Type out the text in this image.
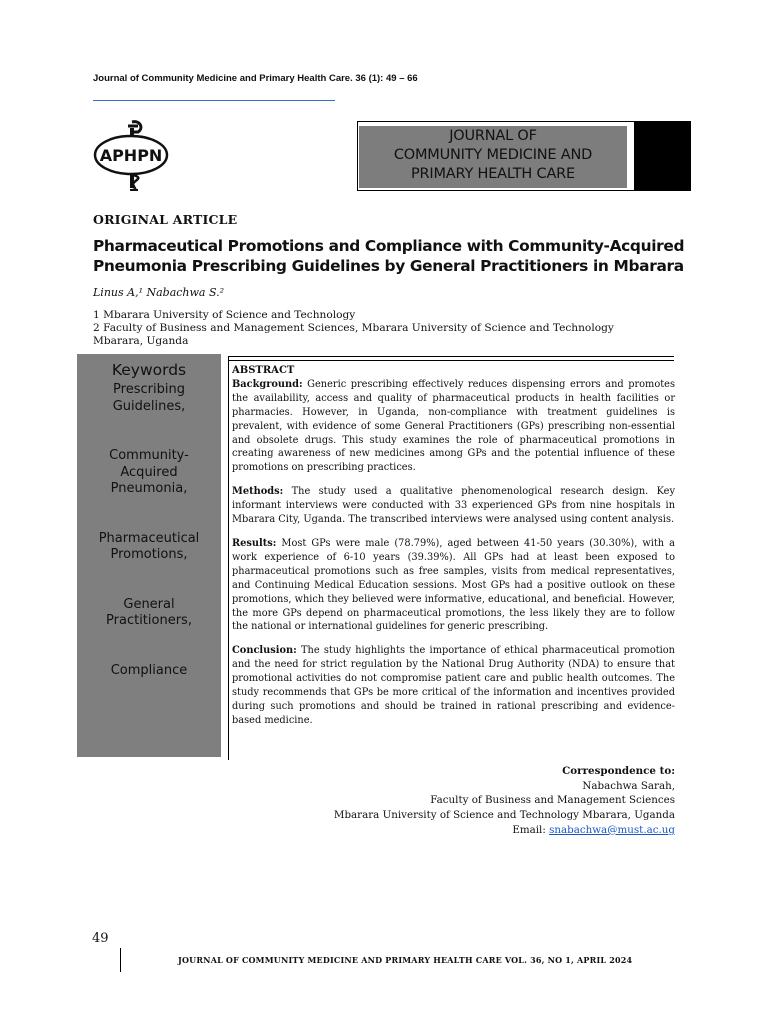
Journal of Community Medicine and Primary Health Care. 36 (1): 49 – 66
APHPN
JOURNAL OF
COMMUNITY MEDICINE AND
PRIMARY HEALTH CARE
ORIGINAL ARTICLE
Pharmaceutical Promotions and Compliance with Community-Acquired
Pneumonia Prescribing Guidelines by General Practitioners in Mbarara
Linus A,¹ Nabachwa S.²
1 Mbarara University of Science and Technology
2 Faculty of Business and Management Sciences, Mbarara University of Science and Technology
Mbarara, Uganda
Keywords
Prescribing
Guidelines,
Community-
Acquired
Pneumonia,
Pharmaceutical
Promotions,
General
Practitioners,
Compliance
ABSTRACT

Background: Generic prescribing effectively reduces dispensing errors and promotes the availability, access and quality of pharmaceutical products in health facilities or pharmacies. However, in Uganda, non-compliance with treatment guidelines is prevalent, with evidence of some General Practitioners (GPs) prescribing non-essential and obsolete drugs. This study examines the role of pharmaceutical promotions in creating awareness of new medicines among GPs and the potential influence of these promotions on prescribing practices.

Methods: The study used a qualitative phenomenological research design. Key informant interviews were conducted with 33 experienced GPs from nine hospitals in Mbarara City, Uganda. The transcribed interviews were analysed using content analysis.

Results: Most GPs were male (78.79%), aged between 41-50 years (30.30%), with a work experience of 6-10 years (39.39%). All GPs had at least been exposed to pharmaceutical promotions such as free samples, visits from medical representatives, and Continuing Medical Education sessions. Most GPs had a positive outlook on these promotions, which they believed were informative, educational, and beneficial. However, the more GPs depend on pharmaceutical promotions, the less likely they are to follow the national or international guidelines for generic prescribing.

Conclusion: The study highlights the importance of ethical pharmaceutical promotion and the need for strict regulation by the National Drug Authority (NDA) to ensure that promotional activities do not compromise patient care and public health outcomes. The study recommends that GPs be more critical of the information and incentives provided during such promotions and should be trained in rational prescribing and evidence-based medicine.

Correspondence to:
Nabachwa Sarah,
Faculty of Business and Management Sciences
Mbarara University of Science and Technology Mbarara, Uganda
Email: snabachwa@must.ac.ug
49
JOURNAL OF COMMUNITY MEDICINE AND PRIMARY HEALTH CARE VOL. 36, NO 1, APRIL 2024
